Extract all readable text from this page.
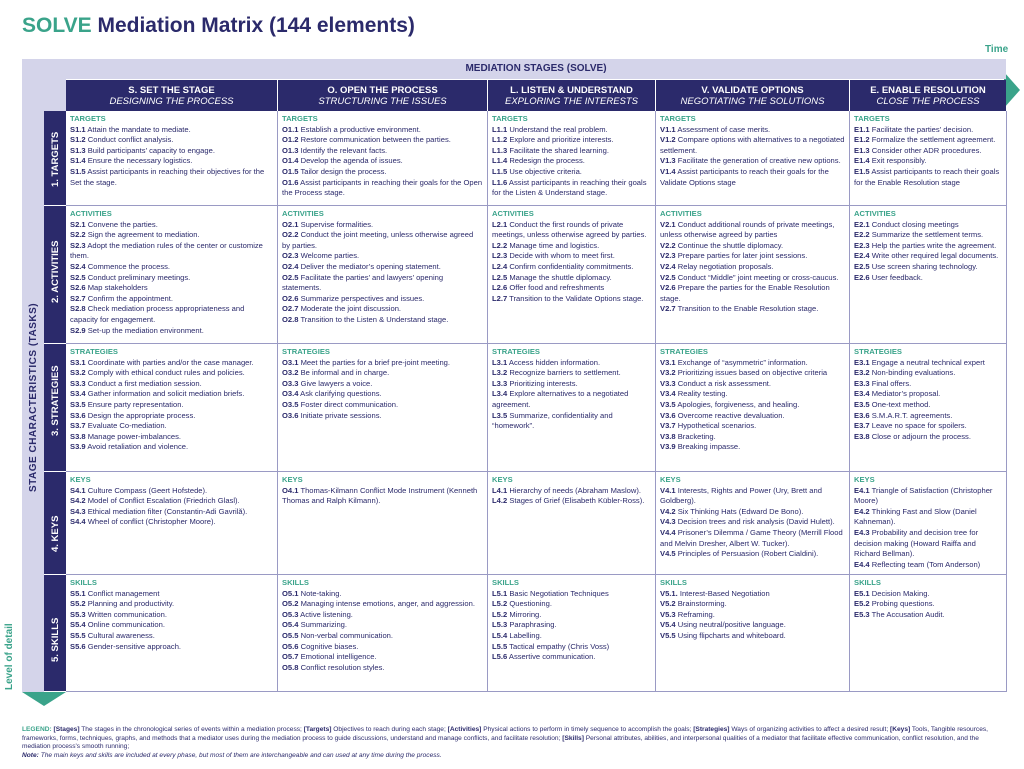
SOLVE Mediation Matrix (144 elements)
Time
STAGE CHARACTERISTICS (TASKS)
MEDIATION STAGES (SOLVE)
S. SET THE STAGE
DESIGNING THE PROCESS
O. OPEN THE PROCESS
STRUCTURING THE ISSUES
L. LISTEN & UNDERSTAND
EXPLORING THE INTERESTS
V. VALIDATE OPTIONS
NEGOTIATING THE SOLUTIONS
E. ENABLE RESOLUTION
CLOSE THE PROCESS
1. TARGETS
TARGETS
S1.1 Attain the mandate to mediate.
S1.2 Conduct conflict analysis.
S1.3 Build participants’ capacity to engage.
S1.4 Ensure the necessary logistics.
S1.5 Assist participants in reaching their objectives for the Set the stage.
TARGETS
O1.1 Establish a productive environment.
O1.2 Restore communication between the parties.
O1.3 Identify the relevant facts.
O1.4 Develop the agenda of issues.
O1.5 Tailor design the process.
O1.6 Assist participants in reaching their goals for the Open the Process stage.
TARGETS
L1.1 Understand the real problem.
L1.2 Explore and prioritize interests.
L1.3 Facilitate the shared learning.
L1.4 Redesign the process.
L1.5 Use objective criteria.
L1.6 Assist participants in reaching their goals for the Listen & Understand stage.
TARGETS
V1.1 Assessment of case merits.
V1.2 Compare options with alternatives to a negotiated settlement.
V1.3 Facilitate the generation of creative new options.
V1.4 Assist participants to reach their goals for the Validate Options stage
TARGETS
E1.1 Facilitate the parties’ decision.
E1.2 Formalize the settlement agreement.
E1.3 Consider other ADR procedures.
E1.4 Exit responsibly.
E1.5 Assist participants to reach their goals for the Enable Resolution stage
2. ACTIVITIES
ACTIVITIES
S2.1 Convene the parties.
S2.2 Sign the agreement to mediation.
S2.3 Adopt the mediation rules of the center or customize them.
S2.4 Commence the process.
S2.5 Conduct preliminary meetings.
S2.6 Map stakeholders
S2.7 Confirm the appointment.
S2.8 Check mediation process appropriateness and capacity for engagement.
S2.9 Set-up the mediation environment.
ACTIVITIES
O2.1 Supervise formalities.
O2.2 Conduct the joint meeting, unless otherwise agreed by parties.
O2.3 Welcome parties.
O2.4 Deliver the mediator’s opening statement.
O2.5 Facilitate the parties’ and lawyers’ opening statements.
O2.6 Summarize perspectives and issues.
O2.7 Moderate the joint discussion.
O2.8 Transition to the Listen & Understand stage.
ACTIVITIES
L2.1 Conduct the first rounds of private meetings, unless otherwise agreed by parties.
L2.2 Manage time and logistics.
L2.3 Decide with whom to meet first.
L2.4 Confirm confidentiality commitments.
L2.5 Manage the shuttle diplomacy.
L2.6 Offer food and refreshments
L2.7 Transition to the Validate Options stage.
ACTIVITIES
V2.1 Conduct additional rounds of private meetings, unless otherwise agreed by parties
V2.2 Continue the shuttle diplomacy.
V2.3 Prepare parties for later joint sessions.
V2.4 Relay negotiation proposals.
V2.5 Conduct “Middle” joint meeting or cross-caucus.
V2.6 Prepare the parties for the Enable Resolution stage.
V2.7 Transition to the Enable Resolution stage.
ACTIVITIES
E2.1 Conduct closing meetings
E2.2 Summarize the settlement terms.
E2.3 Help the parties write the agreement.
E2.4 Write other required legal documents.
E2.5 Use screen sharing technology.
E2.6 User feedback.
3. STRATEGIES
STRATEGIES
S3.1 Coordinate with parties and/or the case manager.
S3.2 Comply with ethical conduct rules and policies.
S3.3 Conduct a first mediation session.
S3.4 Gather information and solicit mediation briefs.
S3.5 Ensure party representation.
S3.6 Design the appropriate process.
S3.7 Evaluate Co-mediation.
S3.8 Manage power-imbalances.
S3.9 Avoid retaliation and violence.
STRATEGIES
O3.1 Meet the parties for a brief pre-joint meeting.
O3.2 Be informal and in charge.
O3.3 Give lawyers a voice.
O3.4 Ask clarifying questions.
O3.5 Foster direct communication.
O3.6 Initiate private sessions.
STRATEGIES
L3.1 Access hidden information.
L3.2 Recognize barriers to settlement.
L3.3 Prioritizing interests.
L3.4 Explore alternatives to a negotiated agreement.
L3.5 Summarize, confidentiality and “homework”.
STRATEGIES
V3.1 Exchange of “asymmetric” information.
V3.2 Prioritizing issues based on objective criteria
V3.3 Conduct a risk assessment.
V3.4 Reality testing.
V3.5 Apologies, forgiveness, and healing.
V3.6 Overcome reactive devaluation.
V3.7 Hypothetical scenarios.
V3.8 Bracketing.
V3.9 Breaking impasse.
STRATEGIES
E3.1 Engage a neutral technical expert
E3.2 Non-binding evaluations.
E3.3 Final offers.
E3.4 Mediator’s proposal.
E3.5 One-text method.
E3.6 S.M.A.R.T. agreements.
E3.7 Leave no space for spoilers.
E3.8 Close or adjourn the process.
4. KEYS
KEYS
S4.1 Culture Compass (Geert Hofstede).
S4.2 Model of Conflict Escalation (Friedrich Glasl).
S4.3 Ethical mediation filter (Constantin-Adi Gavrilă).
S4.4 Wheel of conflict (Christopher Moore).
KEYS
O4.1 Thomas-Kilmann Conflict Mode Instrument (Kenneth Thomas and Ralph Kilmann).
KEYS
L4.1 Hierarchy of needs (Abraham Maslow).
L4.2 Stages of Grief (Elisabeth Kübler-Ross).
KEYS
V4.1 Interests, Rights and Power (Ury, Brett and Goldberg).
V4.2 Six Thinking Hats (Edward De Bono).
V4.3 Decision trees and risk analysis (David Hulett).
V4.4 Prisoner’s Dilemma / Game Theory (Merrill Flood and Melvin Dresher, Albert W. Tucker).
V4.5 Principles of Persuasion (Robert Cialdini).
KEYS
E4.1 Triangle of Satisfaction (Christopher Moore)
E4.2 Thinking Fast and Slow (Daniel Kahneman).
E4.3 Probability and decision tree for decision making (Howard Raiffa and Richard Bellman).
E4.4 Reflecting team (Tom Anderson)
5. SKILLS
SKILLS
S5.1 Conflict management
S5.2 Planning and productivity.
S5.3 Written communication.
S5.4 Online communication.
S5.5 Cultural awareness.
S5.6 Gender-sensitive approach.
SKILLS
O5.1 Note-taking.
O5.2 Managing intense emotions, anger, and aggression.
O5.3 Active listening.
O5.4 Summarizing.
O5.5 Non-verbal communication.
O5.6 Cognitive biases.
O5.7 Emotional intelligence.
O5.8 Conflict resolution styles.
SKILLS
L5.1 Basic Negotiation Techniques
L5.2 Questioning.
L5.2 Mirroring.
L5.3 Paraphrasing.
L5.4 Labelling.
L5.5 Tactical empathy (Chris Voss)
L5.6 Assertive communication.
SKILLS
V5.1. Interest-Based Negotiation
V5.2 Brainstorming.
V5.3 Reframing.
V5.4 Using neutral/positive language.
V5.5 Using flipcharts and whiteboard.
SKILLS
E5.1 Decision Making.
E5.2 Probing questions.
E5.3 The Accusation Audit.
Level of detail
LEGEND: [Stages] The stages in the chronological series of events within a mediation process; [Targets] Objectives to reach during each stage; [Activities] Physical actions to perform in timely sequence to accomplish the goals; [Strategies] Ways of organizing activities to affect a desired result; [Keys] Tools, Tangible resources, frameworks, forms, techniques, graphs, and methods that a mediator uses during the mediation process to guide discussions, understand and manage conflicts, and facilitate resolution; [Skills] Personal attributes, abilities, and interpersonal qualities of a mediator that facilitate effective communication, conflict resolution, and the mediation process's smooth running;
Note: The main keys and skills are included at every phase, but most of them are interchangeable and can used at any time during the process.
